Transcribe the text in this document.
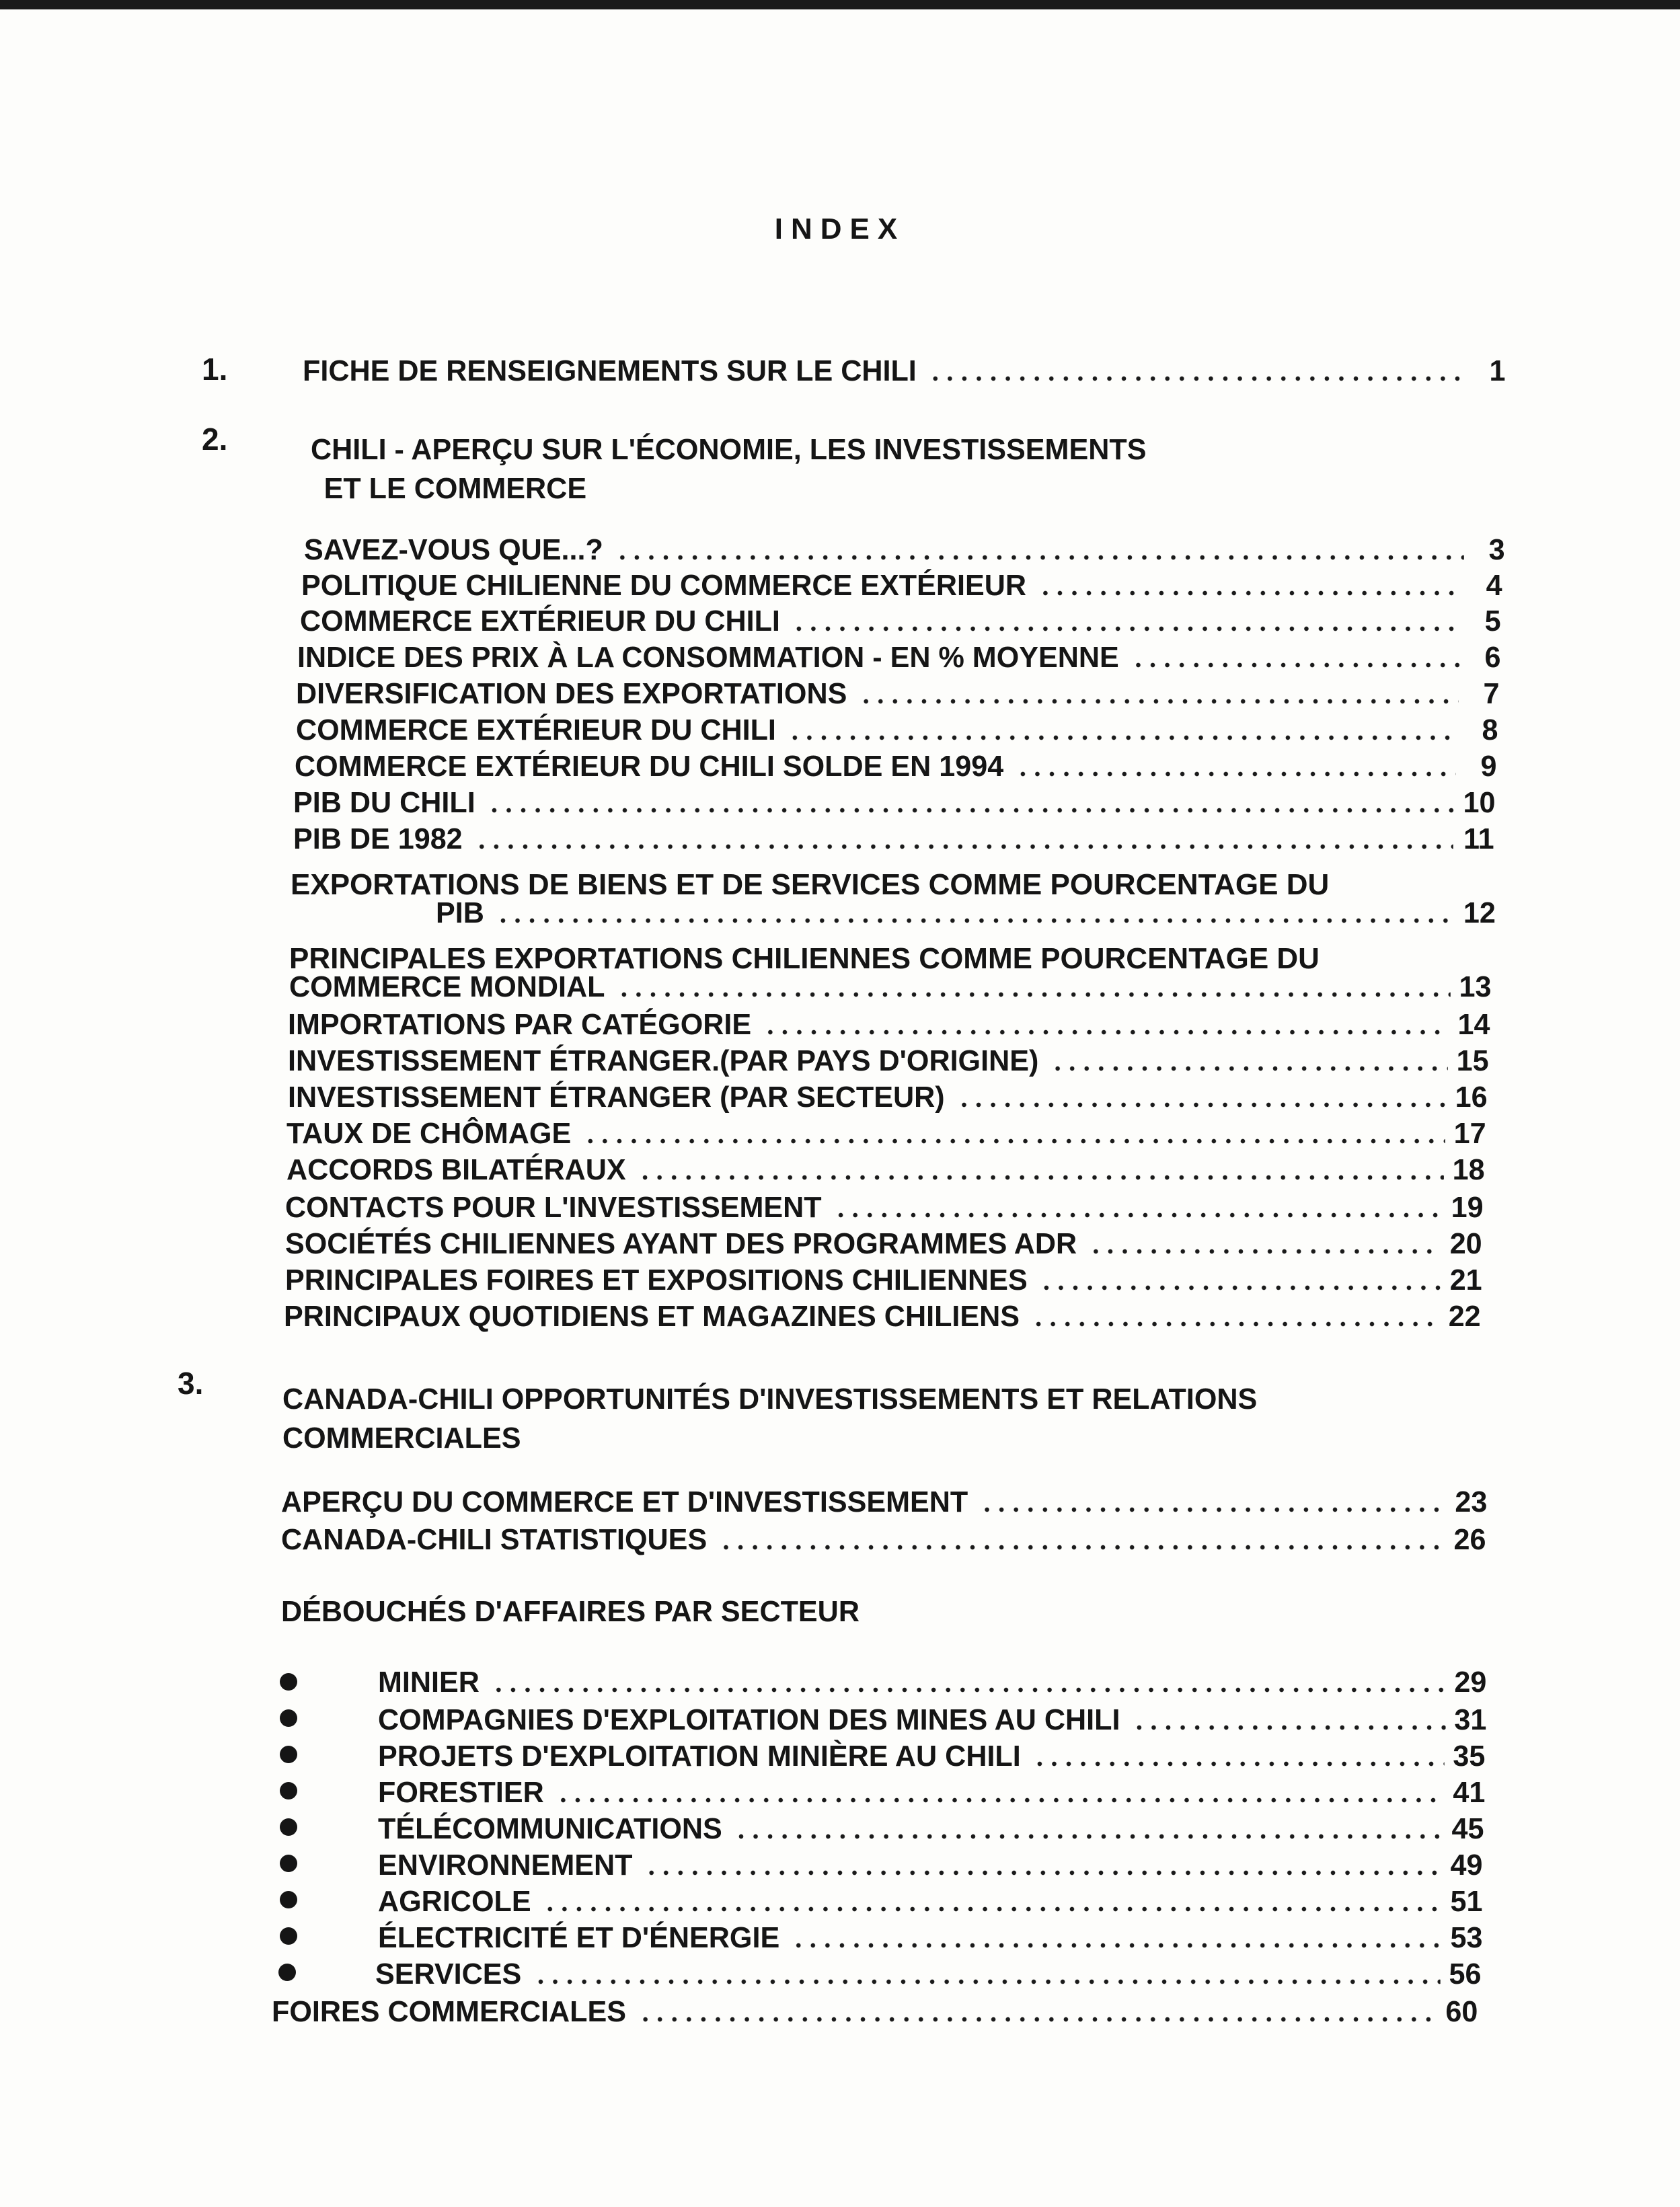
INDEX
1.	FICHE DE RENSEIGNEMENTS SUR LE CHILI	1
2.	CHILI - APERÇU SUR L'ÉCONOMIE, LES INVESTISSEMENTS
ET LE COMMERCE
SAVEZ-VOUS QUE...?	3
POLITIQUE CHILIENNE DU COMMERCE EXTÉRIEUR	4
COMMERCE EXTÉRIEUR DU CHILI	5
INDICE DES PRIX À LA CONSOMMATION - EN % MOYENNE	6
DIVERSIFICATION DES EXPORTATIONS	7
COMMERCE EXTÉRIEUR DU CHILI	8
COMMERCE EXTÉRIEUR DU CHILI SOLDE EN 1994	9
PIB DU CHILI	10
PIB DE 1982	11
EXPORTATIONS DE BIENS ET DE SERVICES COMME POURCENTAGE DU
PIB	12
PRINCIPALES EXPORTATIONS CHILIENNES COMME POURCENTAGE DU
COMMERCE MONDIAL	13
IMPORTATIONS PAR CATÉGORIE	14
INVESTISSEMENT ÉTRANGER.(PAR PAYS D'ORIGINE)	15
INVESTISSEMENT ÉTRANGER (PAR SECTEUR)	16
TAUX DE CHÔMAGE	17
ACCORDS BILATÉRAUX	18
CONTACTS POUR L'INVESTISSEMENT	19
SOCIÉTÉS CHILIENNES AYANT DES PROGRAMMES ADR	20
PRINCIPALES FOIRES ET EXPOSITIONS CHILIENNES	21
PRINCIPAUX QUOTIDIENS ET MAGAZINES CHILIENS	22
3.	CANADA-CHILI OPPORTUNITÉS D'INVESTISSEMENTS ET RELATIONS
COMMERCIALES
APERÇU DU COMMERCE ET D'INVESTISSEMENT	23
CANADA-CHILI STATISTIQUES	26
DÉBOUCHÉS D'AFFAIRES PAR SECTEUR
MINIER	29
COMPAGNIES D'EXPLOITATION DES MINES AU CHILI	31
PROJETS D'EXPLOITATION MINIÈRE AU CHILI	35
FORESTIER	41
TÉLÉCOMMUNICATIONS	45
ENVIRONNEMENT	49
AGRICOLE	51
ÉLECTRICITÉ ET D'ÉNERGIE	53
SERVICES	56
FOIRES COMMERCIALES	60
